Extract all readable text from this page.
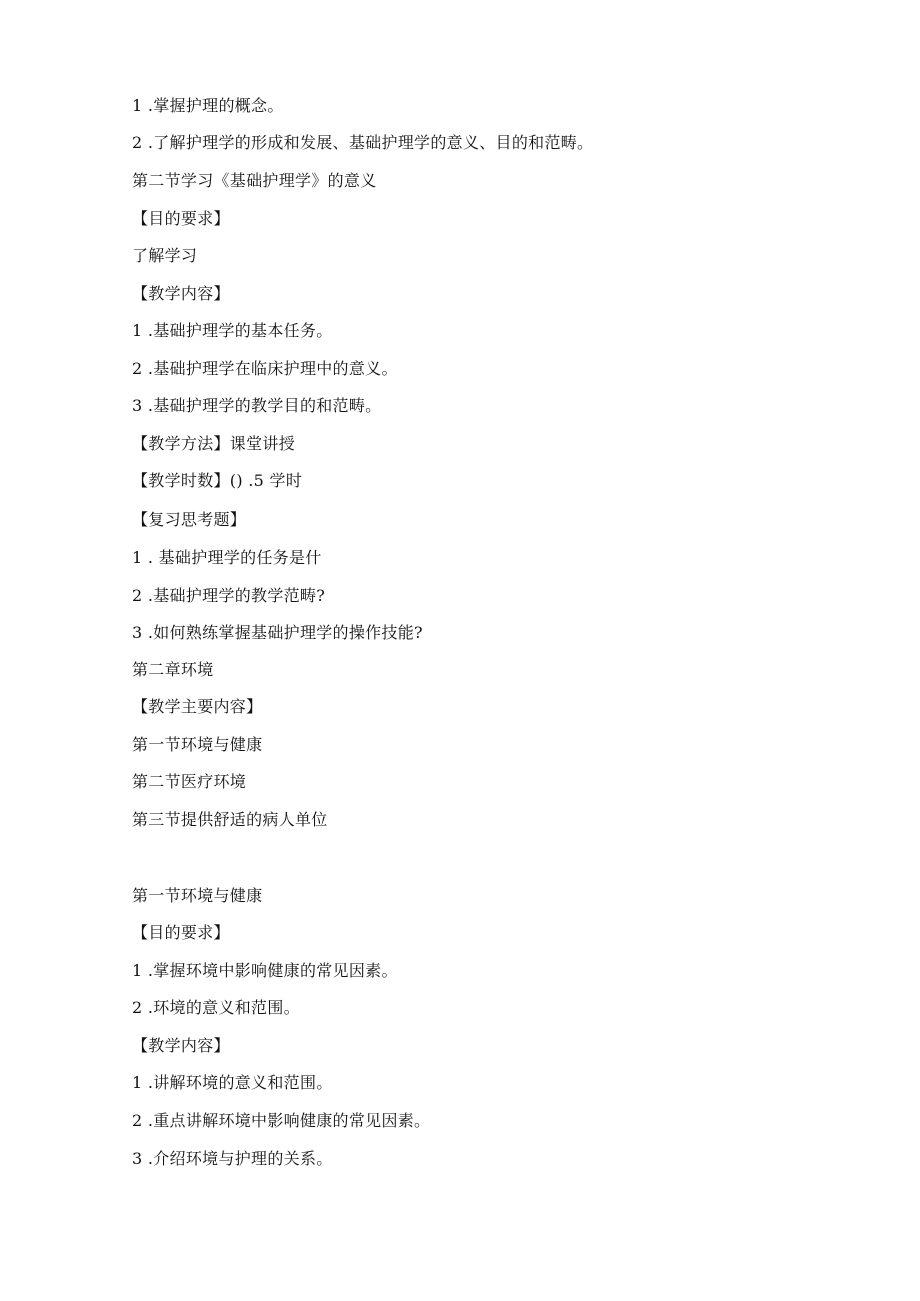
1 .掌握护理的概念。
2 .了解护理学的形成和发展、基础护理学的意义、目的和范畴。
第二节学习《基础护理学》的意义
【目的要求】
了解学习
【教学内容】
1 .基础护理学的基本任务。
2 .基础护理学在临床护理中的意义。
3 .基础护理学的教学目的和范畴。
【教学方法】课堂讲授
【教学时数】() .5 学时
【复习思考题】
1 . 基础护理学的任务是什
2 .基础护理学的教学范畴?
3 .如何熟练掌握基础护理学的操作技能?
第二章环境
【教学主要内容】
第一节环境与健康
第二节医疗环境
第三节提供舒适的病人单位
第一节环境与健康
【目的要求】
1 .掌握环境中影响健康的常见因素。
2 .环境的意义和范围。
【教学内容】
1 .讲解环境的意义和范围。
2 .重点讲解环境中影响健康的常见因素。
3 .介绍环境与护理的关系。
